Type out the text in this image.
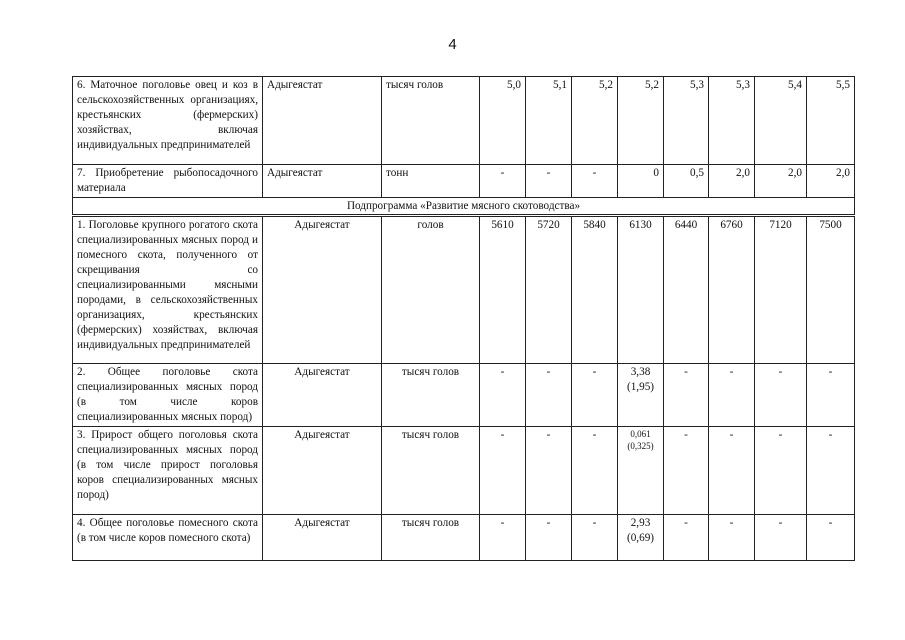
4
6. Маточное поголовье овец и коз в сельскохозяйственных организациях, крестьянских (фермерских) хозяйствах, включая индивидуальных предпринимателей	Адыгеястат	тысяч голов	5,0	5,1	5,2	5,2	5,3	5,3	5,4	5,5
7. Приобретение рыбопосадочного материала	Адыгеястат	тонн	-	-	-	0	0,5	2,0	2,0	2,0
Подпрограмма «Развитие мясного скотоводства»										
1. Поголовье крупного рогатого скота специализированных мясных пород и помесного скота, полученного от скрещивания со специализированными мясными породами, в сельскохозяйственных организациях, крестьянских (фермерских) хозяйствах, включая индивидуальных предпринимателей	Адыгеястат	голов	5610	5720	5840	6130	6440	6760	7120	7500
2. Общее поголовье скота специализированных мясных пород (в том числе коров специализированных мясных пород)	Адыгеястат	тысяч голов	-	-	-	3,38 (1,95)	-	-	-	-
3. Прирост общего поголовья скота специализированных мясных пород (в том числе прирост поголовья коров специализированных мясных пород)	Адыгеястат	тысяч голов	-	-	-	0,061 (0,325)	-	-	-	-
4. Общее поголовье помесного скота (в том числе коров помесного скота)	Адыгеястат	тысяч голов	-	-	-	2,93 (0,69)	-	-	-	-
